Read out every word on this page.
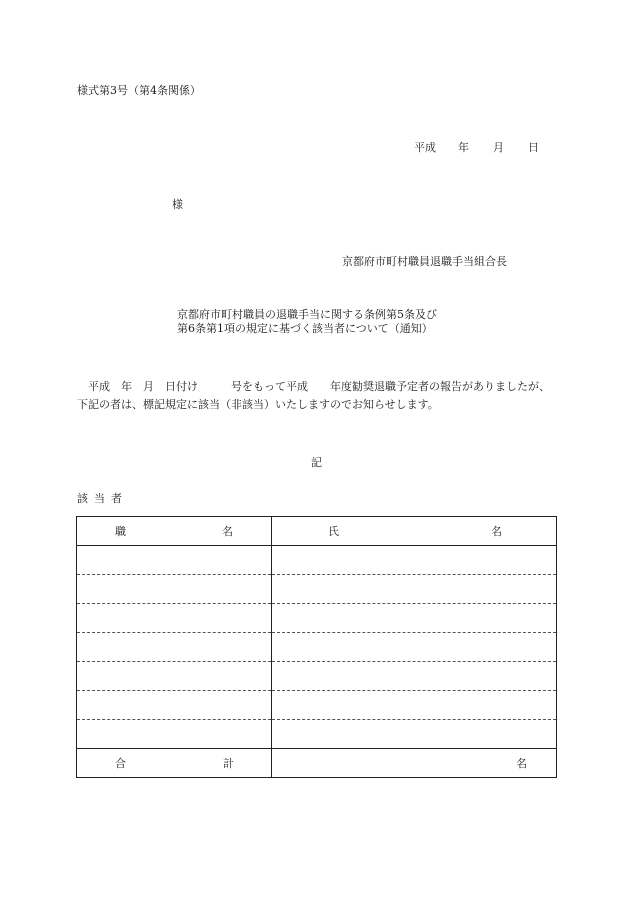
様式第3号（第4条関係）
平成 年 月 日
様
京都府市町村職員退職手当組合長
京都府市町村職員の退職手当に関する条例第5条及び
第6条第1項の規定に基づく該当者について（通知）
平成　年　月　日付け　　　号をもって平成　　年度勧奨退職予定者の報告がありましたが、下記の者は、標記規定に該当（非該当）いたしますのでお知らせします。
記
該当者
職 名	氏 名

合 計	名
